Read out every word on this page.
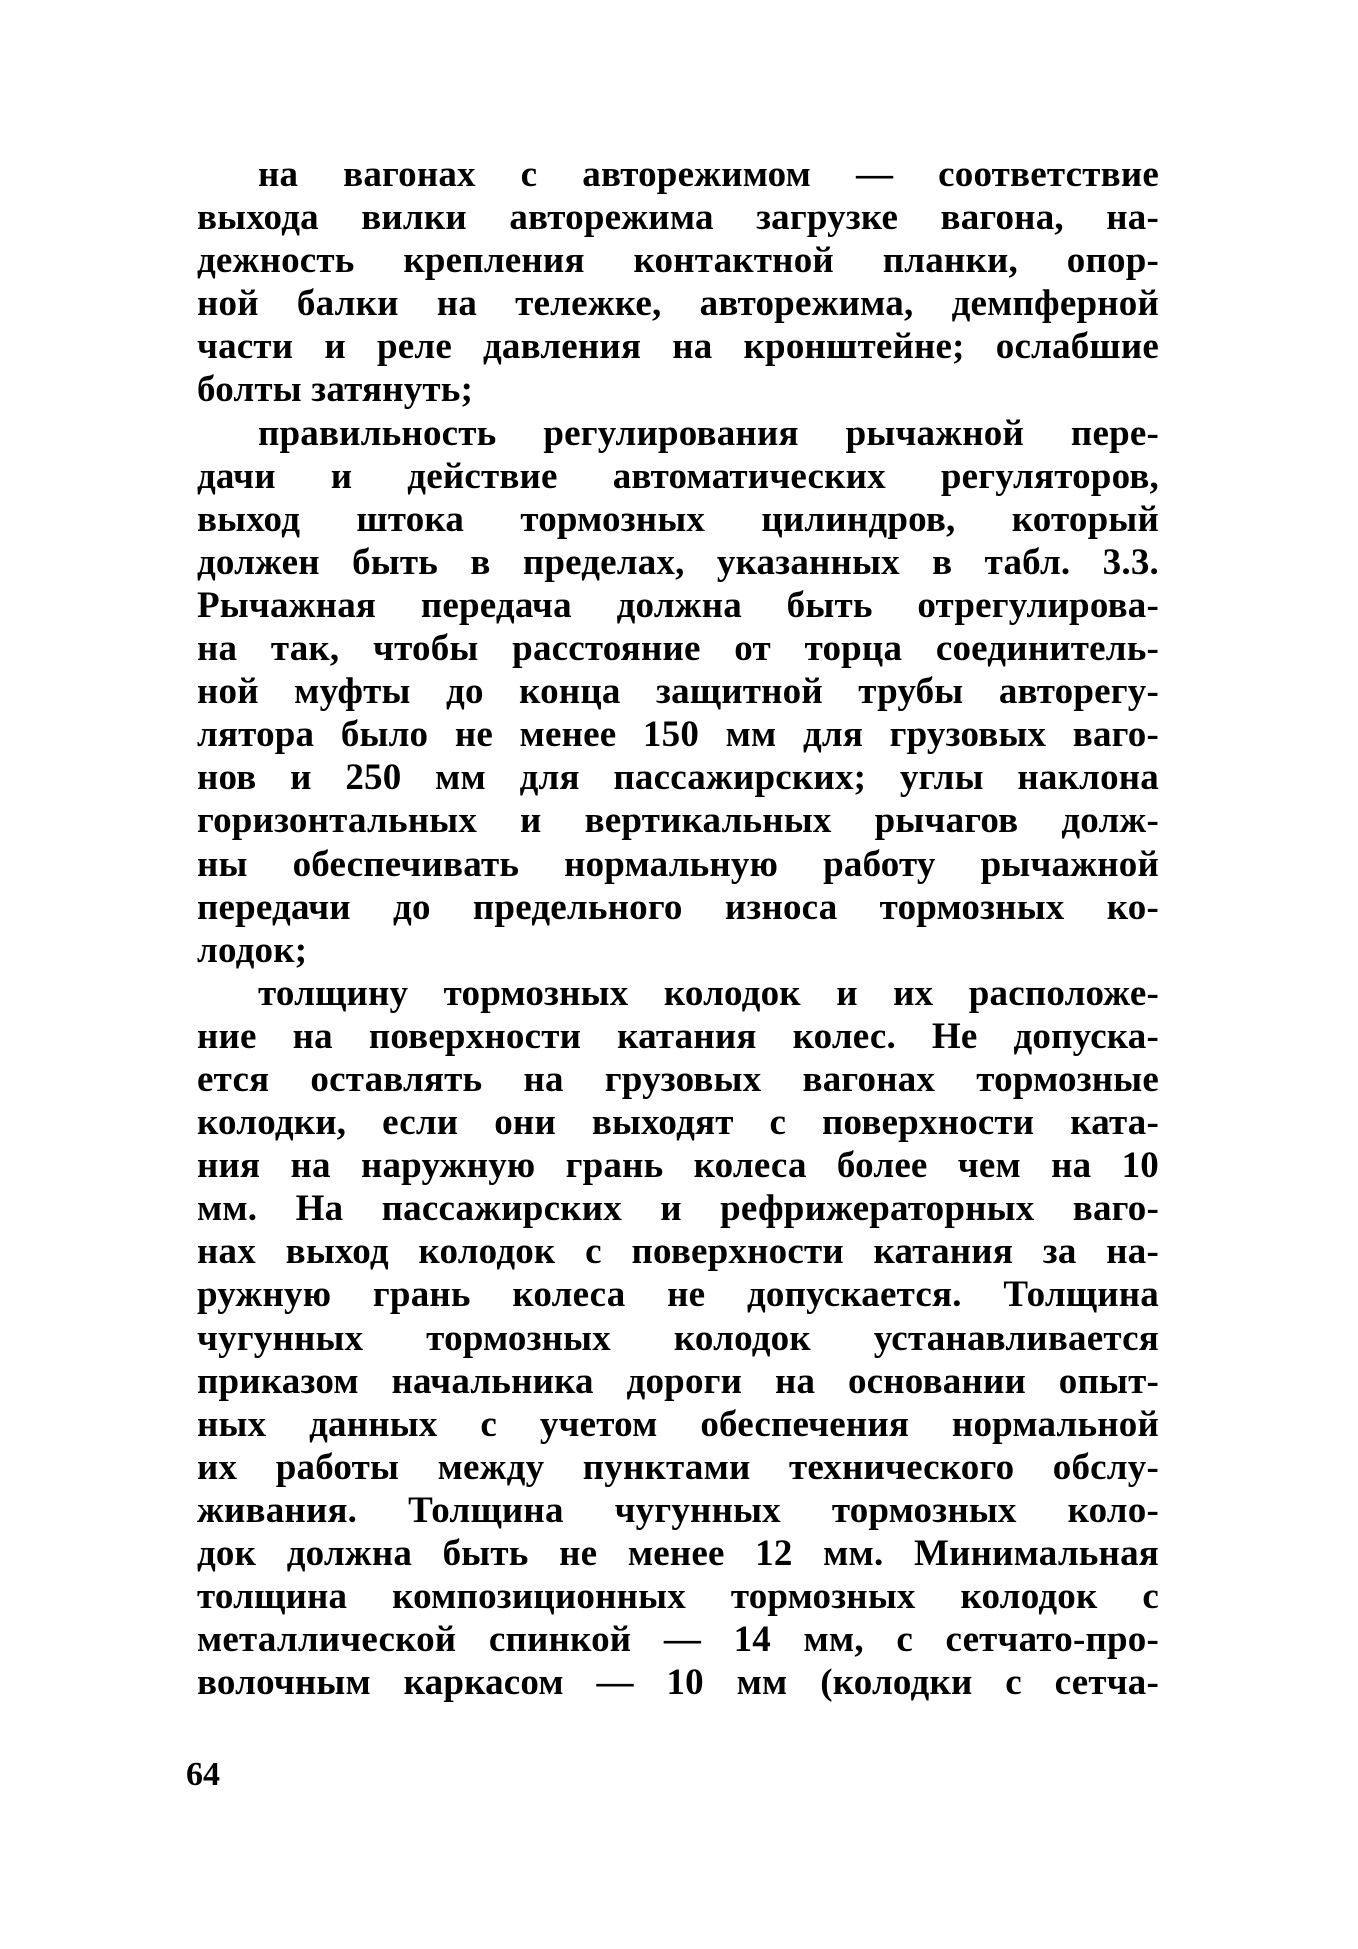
на вагонах с авторежимом — соответствие
выхода вилки авторежима загрузке вагона, на-
дежность крепления контактной планки, опор-
ной балки на тележке, авторежима, демпферной
части и реле давления на кронштейне; ослабшие
болты затянуть;
правильность регулирования рычажной пере-
дачи и действие автоматических регуляторов,
выход штока тормозных цилиндров, который
должен быть в пределах, указанных в табл. 3.3.
Рычажная передача должна быть отрегулирова-
на так, чтобы расстояние от торца соединитель-
ной муфты до конца защитной трубы авторегу-
лятора было не менее 150 мм для грузовых ваго-
нов и 250 мм для пассажирских; углы наклона
горизонтальных и вертикальных рычагов долж-
ны обеспечивать нормальную работу рычажной
передачи до предельного износа тормозных ко-
лодок;
толщину тормозных колодок и их расположе-
ние на поверхности катания колес. Не допуска-
ется оставлять на грузовых вагонах тормозные
колодки, если они выходят с поверхности ката-
ния на наружную грань колеса более чем на 10
мм. На пассажирских и рефрижераторных ваго-
нах выход колодок с поверхности катания за на-
ружную грань колеса не допускается. Толщина
чугунных тормозных колодок устанавливается
приказом начальника дороги на основании опыт-
ных данных с учетом обеспечения нормальной
их работы между пунктами технического обслу-
живания. Толщина чугунных тормозных коло-
док должна быть не менее 12 мм. Минимальная
толщина композиционных тормозных колодок с
металлической спинкой — 14 мм, с сетчато-про-
волочным каркасом — 10 мм (колодки с сетча-
64
